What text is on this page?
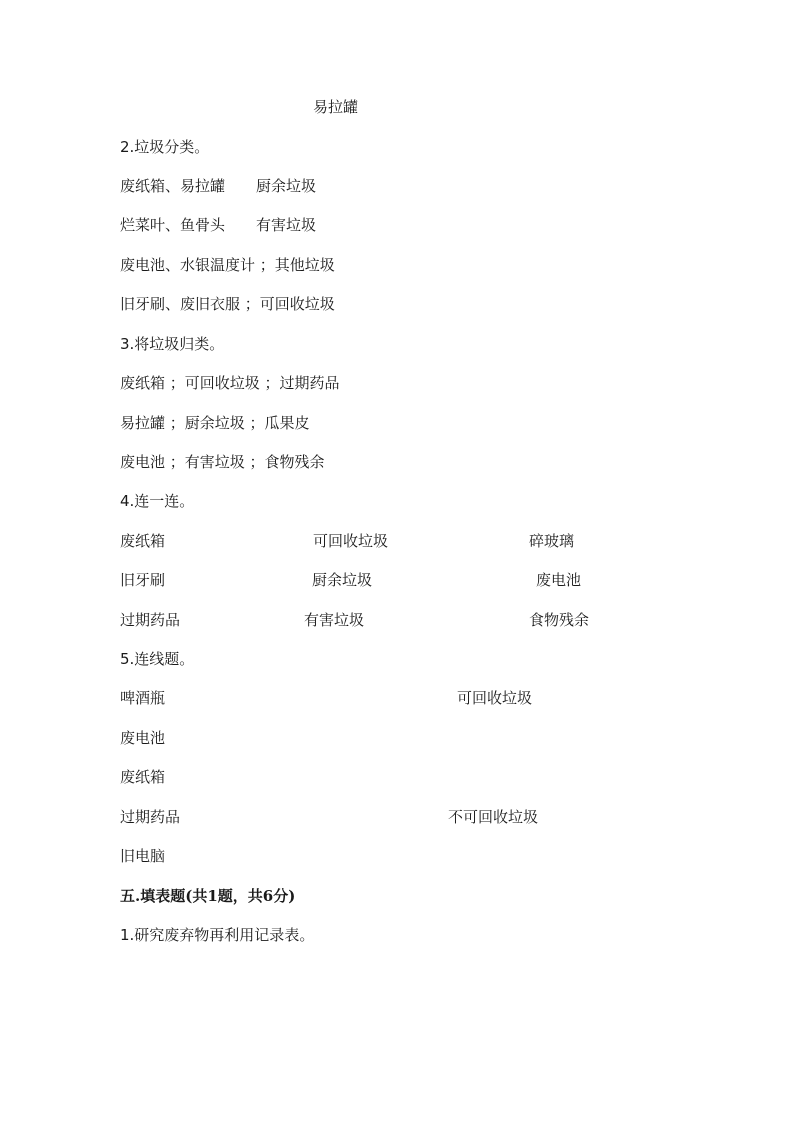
易拉罐
2.垃圾分类。
废纸箱、易拉罐 厨余垃圾
烂菜叶、鱼骨头 有害垃圾
废电池、水银温度计 ；其他垃圾
旧牙刷、废旧衣服 ；可回收垃圾
3.将垃圾归类。
废纸箱 ；可回收垃圾 ；过期药品
易拉罐 ；厨余垃圾 ；瓜果皮
废电池 ；有害垃圾 ；食物残余
4.连一连。
废纸箱	可回收垃圾	碎玻璃
旧牙刷	厨余垃圾	废电池
过期药品	有害垃圾	食物残余
5.连线题。
啤酒瓶	可回收垃圾
废电池
废纸箱
过期药品	不可回收垃圾
旧电脑
五.填表题(共1题，共6分)
1.研究废弃物再利用记录表。
